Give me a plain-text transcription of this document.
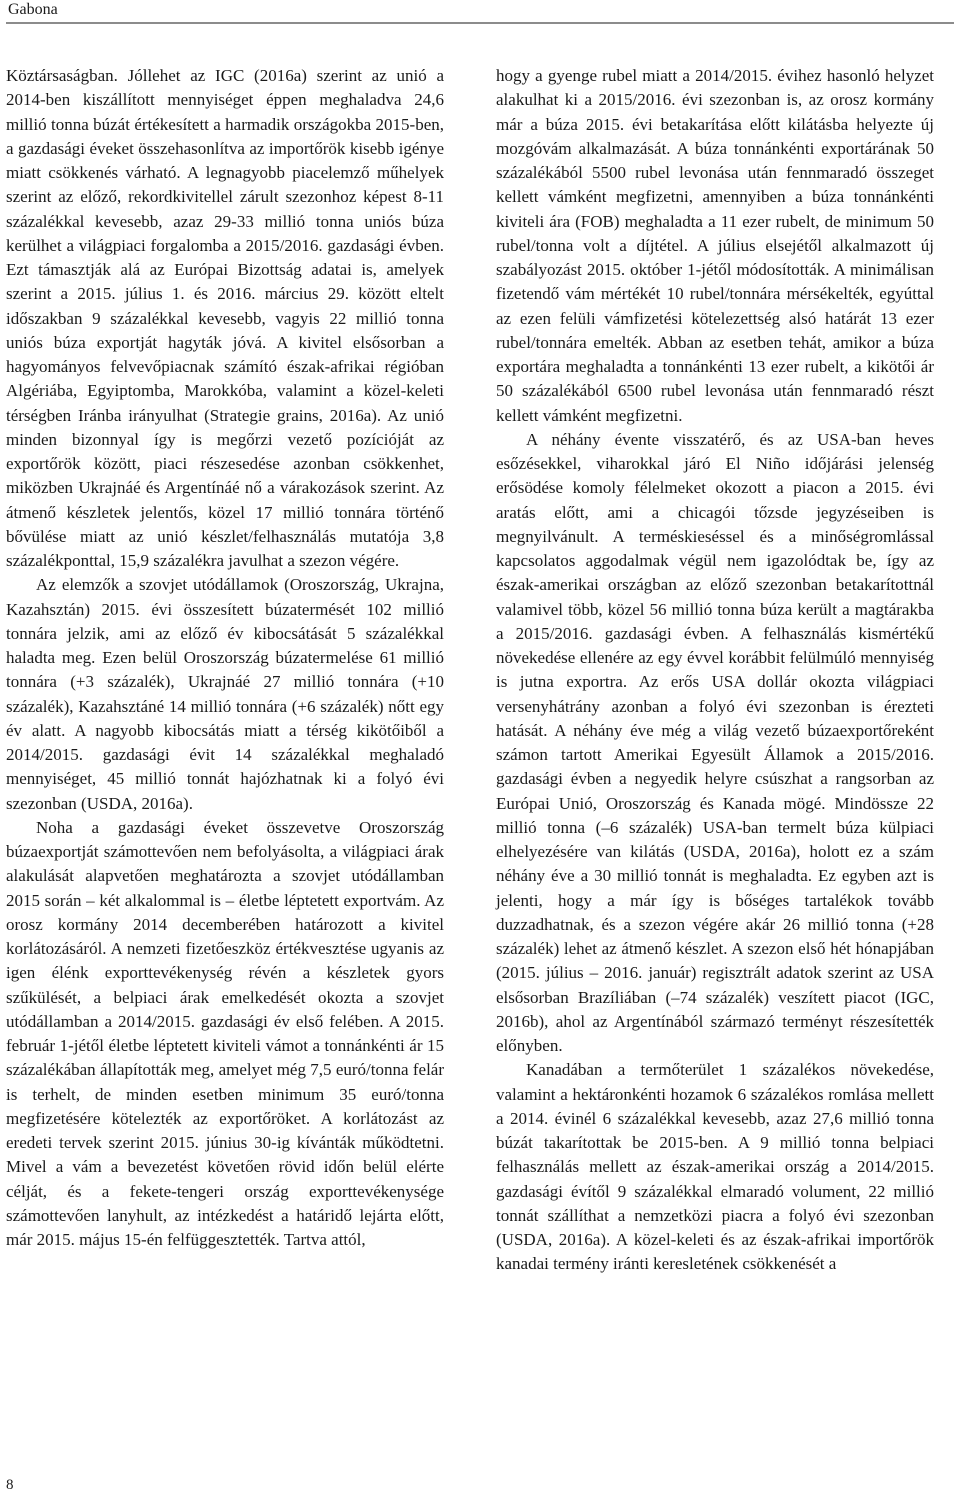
Gabona

Köztársaságban. Jóllehet az IGC (2016a) szerint az unió a 2014-ben kiszállított mennyiséget éppen meghaladva 24,6 millió tonna búzát értékesített a harmadik országokba 2015-ben, a gazdasági éveket összehasonlítva az importőrök kisebb igénye miatt csökkenés várható. A legnagyobb piacelemző műhelyek szerint az előző, rekordkivitellel zárult szezonhoz képest 8-11 százalékkal kevesebb, azaz 29-33 millió tonna uniós búza kerülhet a világpiaci forgalomba a 2015/2016. gazdasági évben. Ezt támasztják alá az Európai Bizottság adatai is, amelyek szerint a 2015. július 1. és 2016. március 29. között eltelt időszakban 9 százalékkal kevesebb, vagyis 22 millió tonna uniós búza exportját hagyták jóvá. A kivitel elsősorban a hagyományos felvevőpiacnak számító észak-afrikai régióban Algériába, Egyiptomba, Marokkóba, valamint a közel-keleti térségben Iránba irányulhat (Strategie grains, 2016a). Az unió minden bizonnyal így is megőrzi vezető pozícióját az exportőrök között, piaci részesedése azonban csökkenhet, miközben Ukrajnáé és Argentínáé nő a várakozások szerint. Az átmenő készletek jelentős, közel 17 millió tonnára történő bővülése miatt az unió készlet/felhasználás mutatója 3,8 százalékponttal, 15,9 százalékra javulhat a szezon végére.

Az elemzők a szovjet utódállamok (Oroszország, Ukrajna, Kazahsztán) 2015. évi összesített búzatermését 102 millió tonnára jelzik, ami az előző év kibocsátását 5 százalékkal haladta meg. Ezen belül Oroszország búzatermelése 61 millió tonnára (+3 százalék), Ukrajnáé 27 millió tonnára (+10 százalék), Kazahsztáné 14 millió tonnára (+6 százalék) nőtt egy év alatt. A nagyobb kibocsátás miatt a térség kikötőiből a 2014/2015. gazdasági évit 14 százalékkal meghaladó mennyiséget, 45 millió tonnát hajózhatnak ki a folyó évi szezonban (USDA, 2016a).

Noha a gazdasági éveket összevetve Oroszország búzaexportját számottevően nem befolyásolta, a világpiaci árak alakulását alapvetően meghatározta a szovjet utódállamban 2015 során – két alkalommal is – életbe léptetett exportvám. Az orosz kormány 2014 decemberében határozott a kivitel korlátozásáról. A nemzeti fizetőeszköz értékvesztése ugyanis az igen élénk exporttevékenység révén a készletek gyors szűkülését, a belpiaci árak emelkedését okozta a szovjet utódállamban a 2014/2015. gazdasági év első felében. A 2015. február 1-jétől életbe léptetett kiviteli vámot a tonnánkénti ár 15 százalékában állapították meg, amelyet még 7,5 euró/tonna felár is terhelt, de minden esetben minimum 35 euró/tonna megfizetésére kötelezték az exportőröket. A korlátozást az eredeti tervek szerint 2015. június 30-ig kívánták működtetni. Mivel a vám a bevezetést követően rövid időn belül elérte célját, és a fekete-tengeri ország exporttevékenysége számottevően lanyhult, az intézkedést a határidő lejárta előtt, már 2015. május 15-én felfüggesztették. Tartva attól,

hogy a gyenge rubel miatt a 2014/2015. évihez hasonló helyzet alakulhat ki a 2015/2016. évi szezonban is, az orosz kormány már a búza 2015. évi betakarítása előtt kilátásba helyezte új mozgóvám alkalmazását. A búza tonnánkénti exportárának 50 százalékából 5500 rubel levonása után fennmaradó összeget kellett vámként megfizetni, amennyiben a búza tonnánkénti kiviteli ára (FOB) meghaladta a 11 ezer rubelt, de minimum 50 rubel/tonna volt a díjtétel. A július elsejétől alkalmazott új szabályozást 2015. október 1-jétől módosították. A minimálisan fizetendő vám mértékét 10 rubel/tonnára mérsékelték, egyúttal az ezen felüli vámfizetési kötelezettség alsó határát 13 ezer rubel/tonnára emelték. Abban az esetben tehát, amikor a búza exportára meghaladta a tonnánkénti 13 ezer rubelt, a kikötői ár 50 százalékából 6500 rubel levonása után fennmaradó részt kellett vámként megfizetni.

A néhány évente visszatérő, és az USA-ban heves esőzésekkel, viharokkal járó El Niño időjárási jelenség erősödése komoly félelmeket okozott a piacon a 2015. évi aratás előtt, ami a chicagói tőzsde jegyzéseiben is megnyilvánult. A terméskieséssel és a minőségromlással kapcsolatos aggodalmak végül nem igazolódtak be, így az észak-amerikai országban az előző szezonban betakarítottnál valamivel több, közel 56 millió tonna búza került a magtárakba a 2015/2016. gazdasági évben. A felhasználás kismértékű növekedése ellenére az egy évvel korábbit felülmúló mennyiség is jutna exportra. Az erős USA dollár okozta világpiaci versenyhátrány azonban a folyó évi szezonban is érezteti hatását. A néhány éve még a világ vezető búzaexportőreként számon tartott Amerikai Egyesült Államok a 2015/2016. gazdasági évben a negyedik helyre csúszhat a rangsorban az Európai Unió, Oroszország és Kanada mögé. Mindössze 22 millió tonna (–6 százalék) USA-ban termelt búza külpiaci elhelyezésére van kilátás (USDA, 2016a), holott ez a szám néhány éve a 30 millió tonnát is meghaladta. Ez egyben azt is jelenti, hogy a már így is bőséges tartalékok tovább duzzadhatnak, és a szezon végére akár 26 millió tonna (+28 százalék) lehet az átmenő készlet. A szezon első hét hónapjában (2015. július – 2016. január) regisztrált adatok szerint az USA elsősorban Brazíliában (–74 százalék) veszített piacot (IGC, 2016b), ahol az Argentínából származó terményt részesítették előnyben.

Kanadában a termőterület 1 százalékos növekedése, valamint a hektáronkénti hozamok 6 százalékos romlása mellett a 2014. évinél 6 százalékkal kevesebb, azaz 27,6 millió tonna búzát takarítottak be 2015-ben. A 9 millió tonna belpiaci felhasználás mellett az észak-amerikai ország a 2014/2015. gazdasági évítől 9 százalékkal elmaradó volument, 22 millió tonnát szállíthat a nemzetközi piacra a folyó évi szezonban (USDA, 2016a). A közel-keleti és az észak-afrikai importőrök kanadai termény iránti keresletének csökkenését a

8
